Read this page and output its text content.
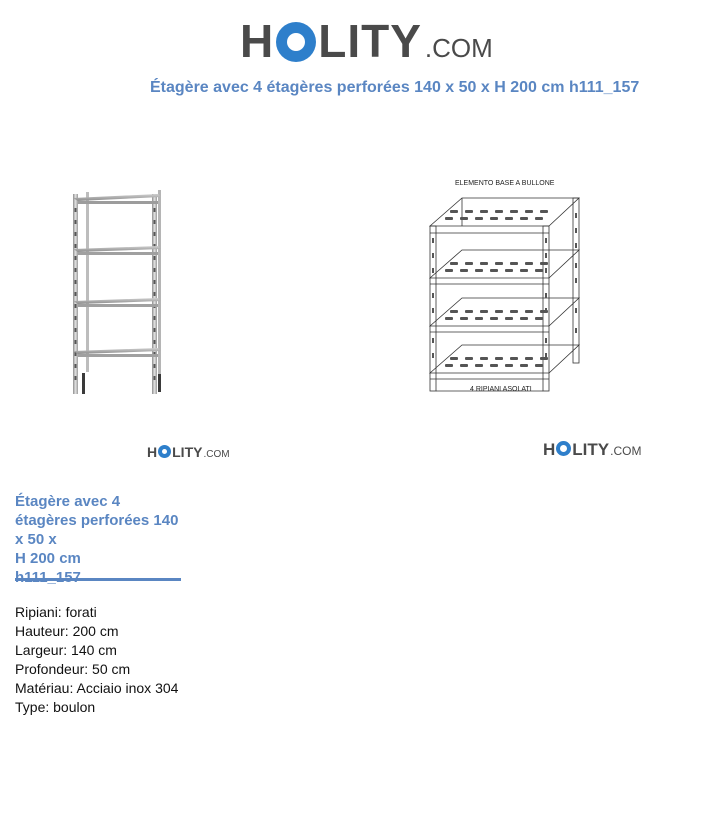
H LITY .COM
Étagère avec 4 étagères perforées 140 x 50 x H 200 cm h111_157
ELEMENTO BASE A BULLONE
4 RIPIANI ASOLATI
H LITY .COM	H LITY .COM
Étagère avec 4
étagères perforées 140
x 50 x
H 200 cm
Ripiani: forati
Hauteur: 200 cm
Largeur: 140 cm
Profondeur: 50 cm
Matériau: Acciaio inox 304
Type: boulon
